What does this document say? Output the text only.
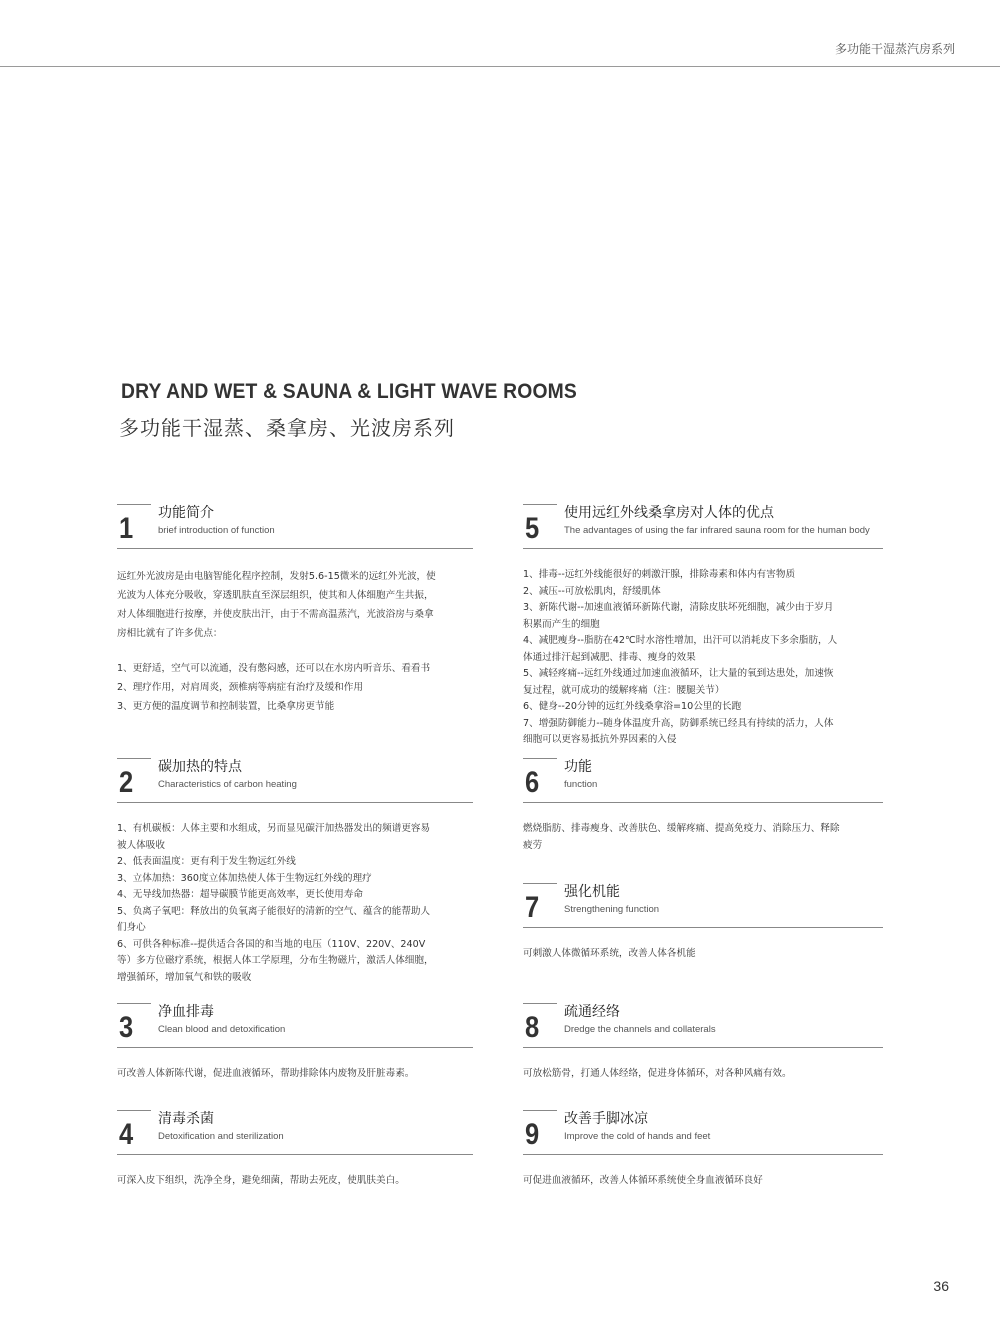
多功能干湿蒸汽房系列
DRY AND WET & SAUNA & LIGHT WAVE ROOMS
多功能干湿蒸、桑拿房、光波房系列
1 功能简介
brief introduction of function

远红外光波房是由电脑智能化程序控制，发射5.6-15微米的远红外光波，使

光波为人体充分吸收，穿透肌肤直至深层组织，使其和人体细胞产生共振，

对人体细胞进行按摩，并使皮肤出汗，由于不需高温蒸汽，光波浴房与桑拿

房相比就有了许多优点：

1、更舒适，空气可以流通，没有憋闷感，还可以在水房内听音乐、看看书

2、理疗作用，对肩周炎，颈椎病等病症有治疗及缓和作用

3、更方便的温度调节和控制装置，比桑拿房更节能

2 碳加热的特点
Characteristics of carbon heating

1、有机碳板：人体主要和水组成，另而显见碳汗加热器发出的频谱更容易

被人体吸收

2、低表面温度：更有利于发生物远红外线

3、立体加热：360度立体加热使人体于生物远红外线的理疗

4、无导线加热器：超导碳膜节能更高效率，更长使用寿命

5、负离子氧吧：释放出的负氧离子能很好的清新的空气、蕴含的能帮助人

们身心

6、可供各种标准--提供适合各国的和当地的电压（110V、220V、240V

等）多方位磁疗系统，根据人体工学原理，分布生物磁片，激活人体细胞，

增强循环，增加氧气和铁的吸收

3 净血排毒
Clean blood and detoxification

可改善人体新陈代谢，促进血液循环，帮助排除体内废物及肝脏毒素。

4 清毒杀菌
Detoxification and sterilization

可深入皮下组织，洗净全身，避免细菌，帮助去死皮，使肌肤美白。

5 使用远红外线桑拿房对人体的优点
The advantages of using the far infrared sauna room for the human body

1、排毒--远红外线能很好的刺激汗腺，排除毒素和体内有害物质

2、减压--可放松肌肉，舒缓肌体

3、新陈代谢--加速血液循环新陈代谢，清除皮肤坏死细胞，减少由于岁月

积累而产生的细胞

4、减肥瘦身--脂肪在42℃时水溶性增加，出汗可以消耗皮下多余脂肪，人

体通过排汗起到减肥、排毒、瘦身的效果

5、减轻疼痛--远红外线通过加速血液循环，让大量的氧到达患处，加速恢

复过程，就可成功的缓解疼痛（注：腰腿关节）

6、健身--20分钟的远红外线桑拿浴=10公里的长跑

7、增强防御能力--随身体温度升高，防御系统已经具有持续的活力，人体

细胞可以更容易抵抗外界因素的入侵

6 功能
function

燃烧脂肪、排毒瘦身、改善肤色、缓解疼痛、提高免疫力、消除压力、释除

疲劳

7 强化机能
Strengthening function

可刺激人体微循环系统，改善人体各机能

8 疏通经络
Dredge the channels and collaterals

可放松筋骨，打通人体经络，促进身体循环，对各种风痛有效。

9 改善手脚冰凉
Improve the cold of hands and feet

可促进血液循环，改善人体循环系统使全身血液循环良好

36
